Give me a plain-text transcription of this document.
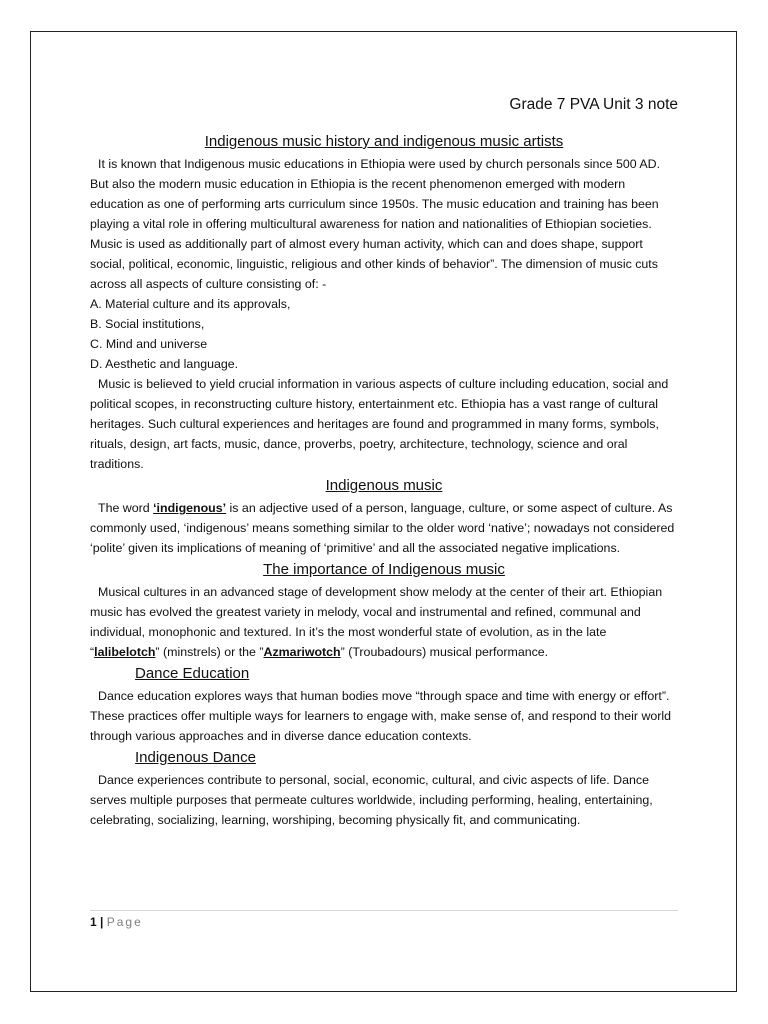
Grade 7 PVA Unit 3 note
Indigenous music history and indigenous music artists

It is known that Indigenous music educations in Ethiopia were used by church personals since 500 AD. But also the modern music education in Ethiopia is the recent phenomenon emerged with modern education as one of performing arts curriculum since 1950s. The music education and training has been playing a vital role in offering multicultural awareness for nation and nationalities of Ethiopian societies. Music is used as additionally part of almost every human activity, which can and does shape, support social, political, economic, linguistic, religious and other kinds of behavior”. The dimension of music cuts across all aspects of culture consisting of: -

A. Material culture and its approvals,

B. Social institutions,

C. Mind and universe

D. Aesthetic and language.

Music is believed to yield crucial information in various aspects of culture including education, social and political scopes, in reconstructing culture history, entertainment etc. Ethiopia has a vast range of cultural heritages. Such cultural experiences and heritages are found and programmed in many forms, symbols, rituals, design, art facts, music, dance, proverbs, poetry, architecture, technology, science and oral traditions.

Indigenous music

The word ‘indigenous’ is an adjective used of a person, language, culture, or some aspect of culture. As commonly used, ‘indigenous’ means something similar to the older word ‘native’; nowadays not considered ‘polite’ given its implications of meaning of ‘primitive’ and all the associated negative implications.

The importance of Indigenous music

Musical cultures in an advanced stage of development show melody at the center of their art. Ethiopian music has evolved the greatest variety in melody, vocal and instrumental and refined, communal and individual, monophonic and textured. In it’s the most wonderful state of evolution, as in the late “lalibelotch” (minstrels) or the ”Azmariwotch” (Troubadours) musical performance.

Dance Education

Dance education explores ways that human bodies move “through space and time with energy or effort”. These practices offer multiple ways for learners to engage with, make sense of, and respond to their world through various approaches and in diverse dance education contexts.

Indigenous Dance

Dance experiences contribute to personal, social, economic, cultural, and civic aspects of life. Dance serves multiple purposes that permeate cultures worldwide, including performing, healing, entertaining, celebrating, socializing, learning, worshiping, becoming physically fit, and communicating.

1 | Page
